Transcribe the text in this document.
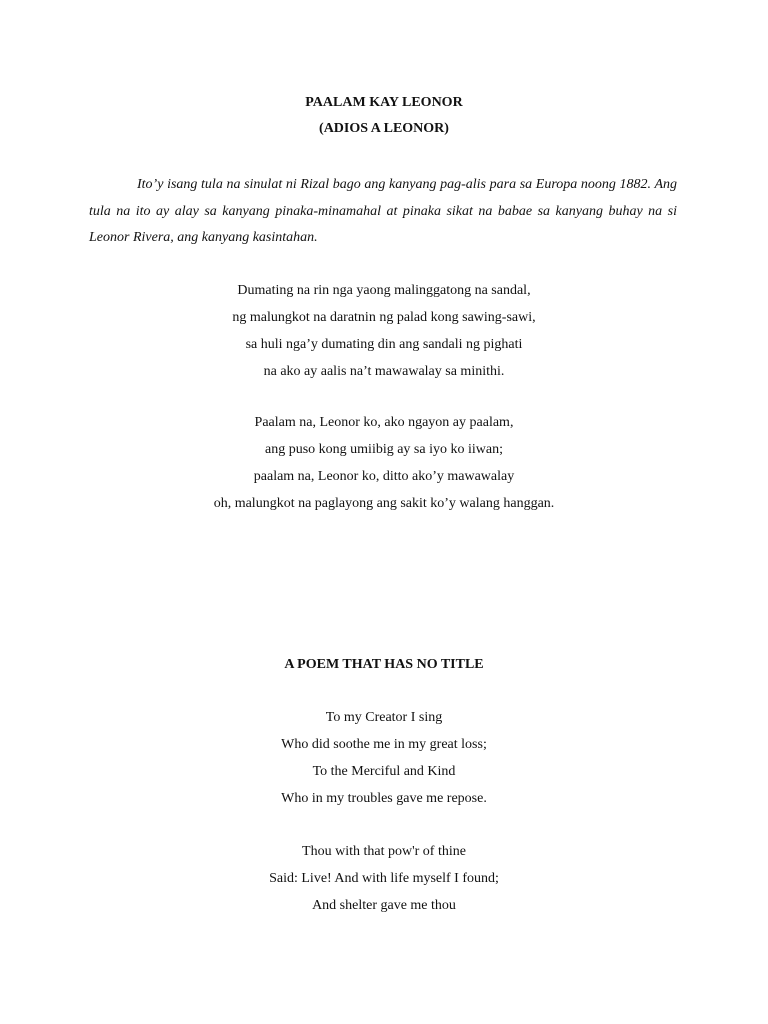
PAALAM KAY LEONOR
(ADIOS A LEONOR)

Ito’y isang tula na sinulat ni Rizal bago ang kanyang pag-alis para sa Europa noong 1882. Ang tula na ito ay alay sa kanyang pinaka-minamahal at pinaka sikat na babae sa kanyang buhay na si Leonor Rivera, ang kanyang kasintahan.

Dumating na rin nga yaong malinggatong na sandal,
ng malungkot na daratnin ng palad kong sawing-sawi,
sa huli nga’y dumating din ang sandali ng pighati
na ako ay aalis na’t mawawalay sa minithi.
Paalam na, Leonor ko, ako ngayon ay paalam,
ang puso kong umiibig ay sa iyo ko iiwan;
paalam na, Leonor ko, ditto ako’y mawawalay
oh, malungkot na paglayong ang sakit ko’y walang hanggan.
A POEM THAT HAS NO TITLE
To my Creator I sing
Who did soothe me in my great loss;
To the Merciful and Kind
Who in my troubles gave me repose.
Thou with that pow'r of thine
Said: Live! And with life myself I found;
And shelter gave me thou
